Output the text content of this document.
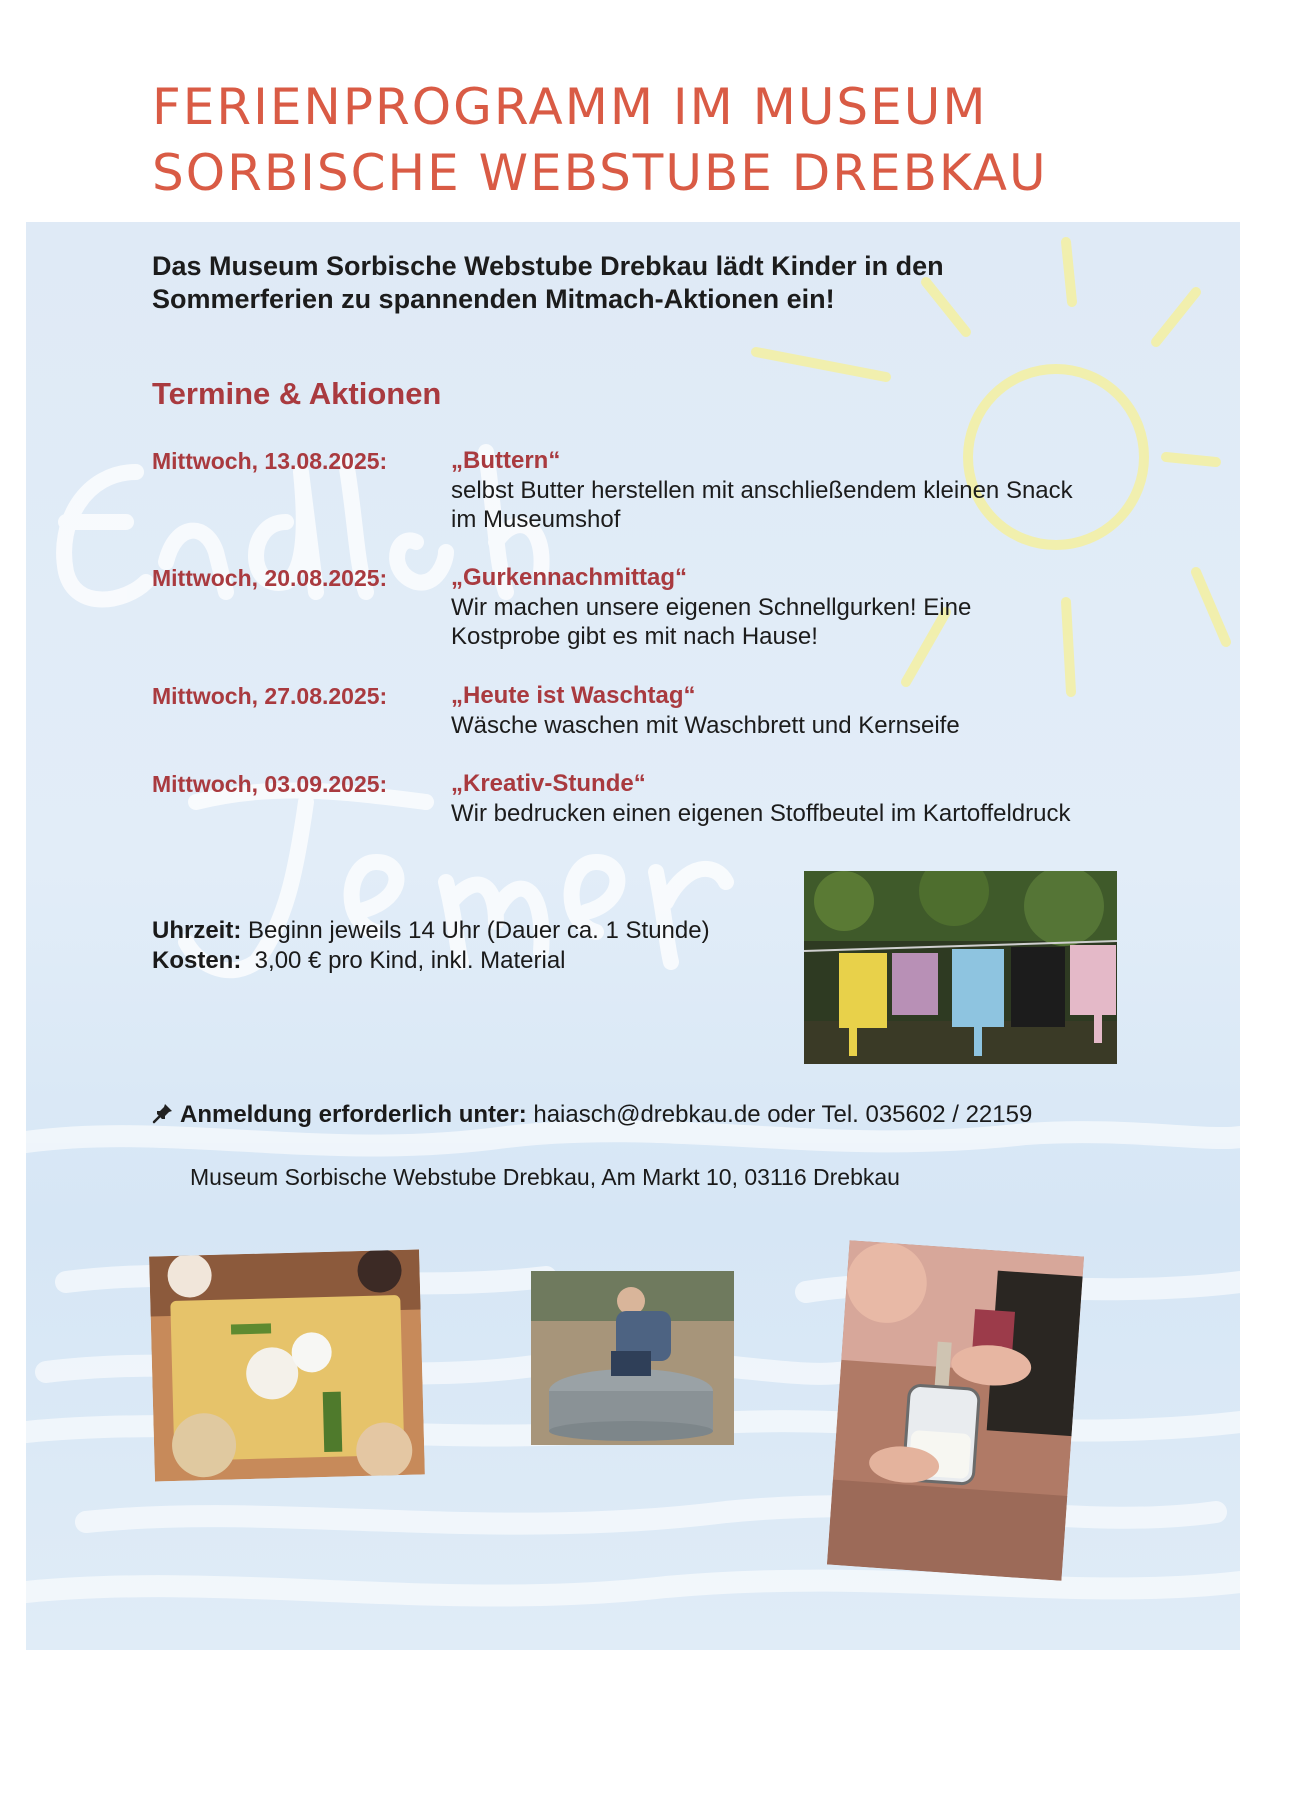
FERIENPROGRAMM IM MUSEUM
SORBISCHE WEBSTUBE DREBKAU
Das Museum Sorbische Webstube Drebkau lädt Kinder in den
Sommerferien zu spannenden Mitmach-Aktionen ein!
Termine & Aktionen
Mittwoch, 13.08.2025:	„Buttern“
selbst Butter herstellen mit anschließendem kleinen Snack
im Museumshof
Mittwoch, 20.08.2025:	„Gurkennachmittag“
Wir machen unsere eigenen Schnellgurken! Eine
Kostprobe gibt es mit nach Hause!
Mittwoch, 27.08.2025:	„Heute ist Waschtag“
Wäsche waschen mit Waschbrett und Kernseife
Mittwoch, 03.09.2025:	„Kreativ-Stunde“
Wir bedrucken einen eigenen Stoffbeutel im Kartoffeldruck
Uhrzeit: Beginn jeweils 14 Uhr (Dauer ca. 1 Stunde)
Kosten:  3,00 € pro Kind, inkl. Material
Anmeldung erforderlich unter: haiasch@drebkau.de oder Tel. 035602 / 22159
Museum Sorbische Webstube Drebkau, Am Markt 10, 03116 Drebkau
